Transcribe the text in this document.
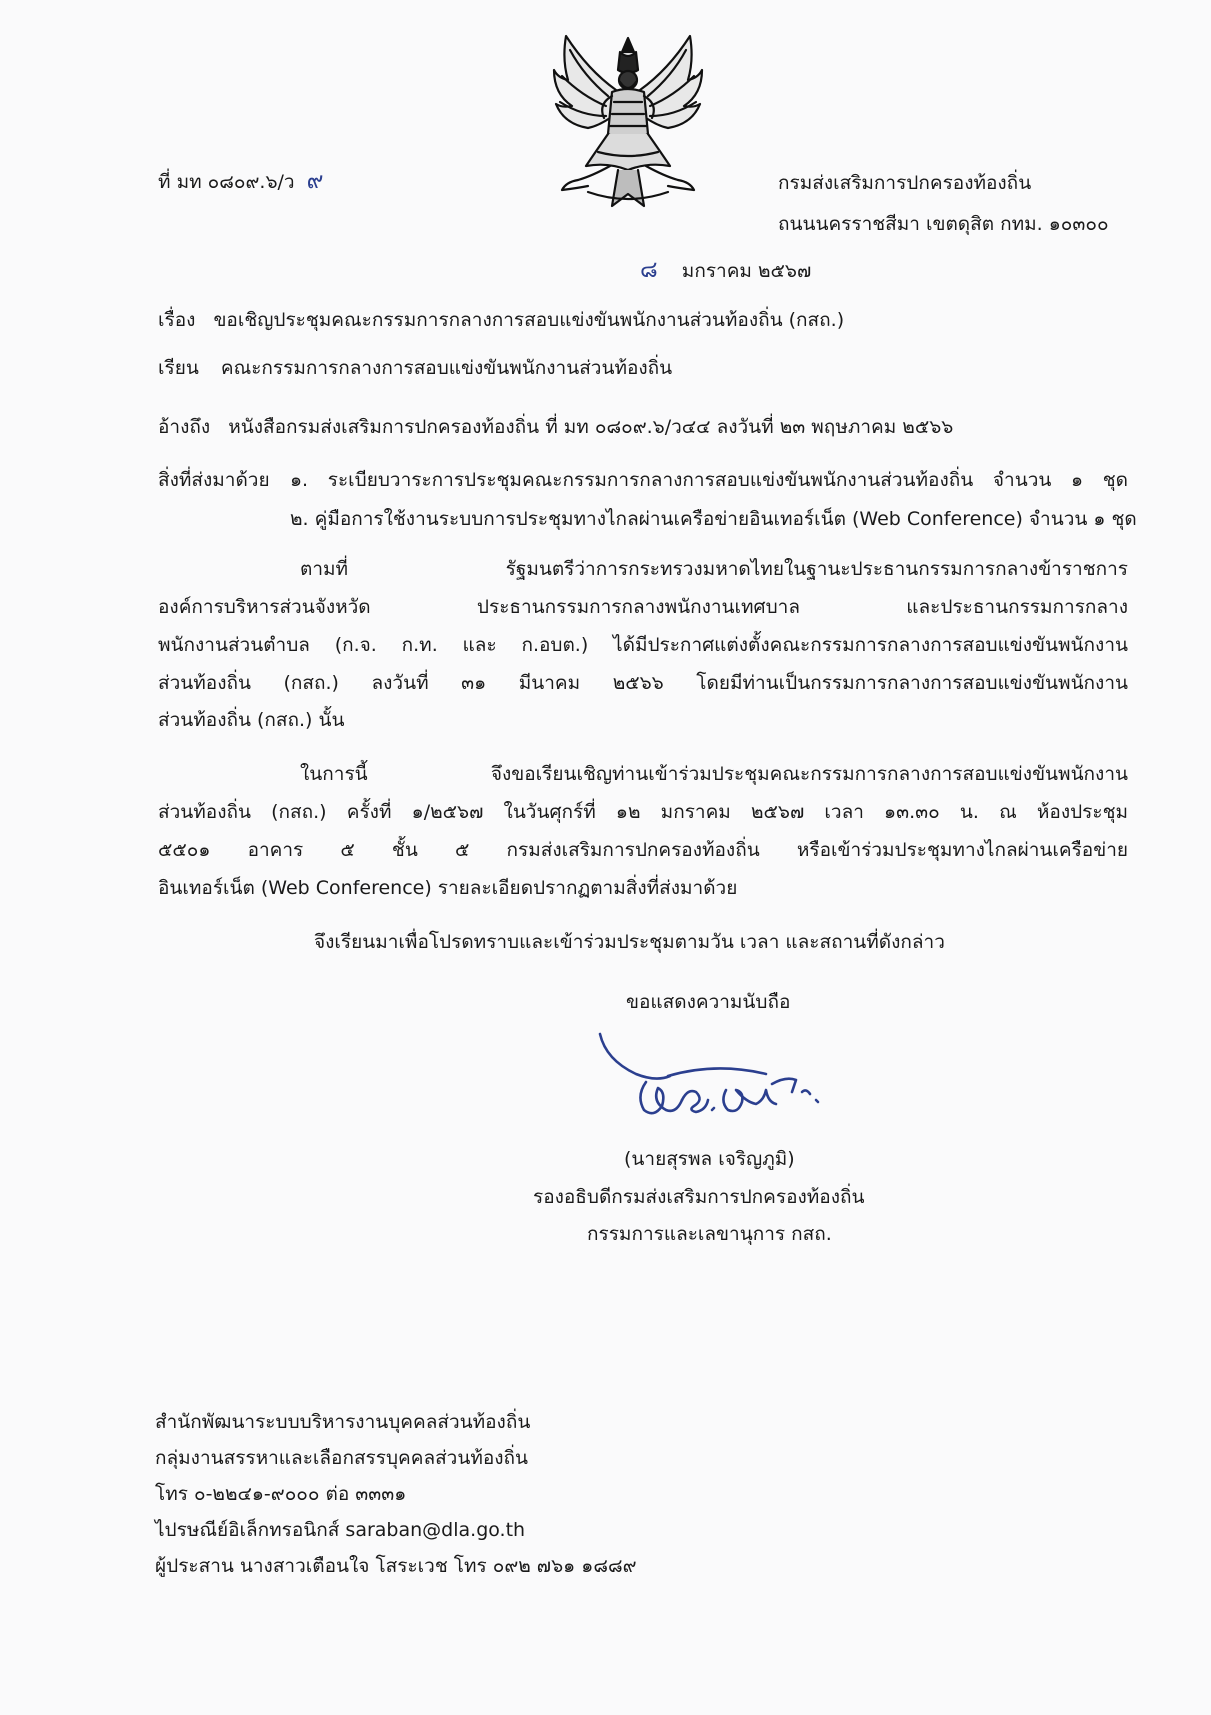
ที่ มท ๐๘๐๙.๖/ว ๙	กรมส่งเสริมการปกครองท้องถิ่น
ถนนนครราชสีมา เขตดุสิต กทม. ๑๐๓๐๐
๘ มกราคม ๒๕๖๗
เรื่อง ขอเชิญประชุมคณะกรรมการกลางการสอบแข่งขันพนักงานส่วนท้องถิ่น (กสถ.)
เรียน คณะกรรมการกลางการสอบแข่งขันพนักงานส่วนท้องถิ่น
อ้างถึง หนังสือกรมส่งเสริมการปกครองท้องถิ่น ที่ มท ๐๘๐๙.๖/ว๔๔ ลงวันที่ ๒๓ พฤษภาคม ๒๕๖๖
สิ่งที่ส่งมาด้วย ๑. ระเบียบวาระการประชุมคณะกรรมการกลางการสอบแข่งขันพนักงานส่วนท้องถิ่น จำนวน ๑ ชุด
๒. คู่มือการใช้งานระบบการประชุมทางไกลผ่านเครือข่ายอินเทอร์เน็ต (Web Conference) จำนวน ๑ ชุด
ตามที่ รัฐมนตรีว่าการกระทรวงมหาดไทยในฐานะประธานกรรมการกลางข้าราชการ
องค์การบริหารส่วนจังหวัด ประธานกรรมการกลางพนักงานเทศบาล และประธานกรรมการกลาง
พนักงานส่วนตำบล (ก.จ. ก.ท. และ ก.อบต.) ได้มีประกาศแต่งตั้งคณะกรรมการกลางการสอบแข่งขันพนักงาน
ส่วนท้องถิ่น (กสถ.) ลงวันที่ ๓๑ มีนาคม ๒๕๖๖ โดยมีท่านเป็นกรรมการกลางการสอบแข่งขันพนักงาน
ส่วนท้องถิ่น (กสถ.) นั้น
ในการนี้ จึงขอเรียนเชิญท่านเข้าร่วมประชุมคณะกรรมการกลางการสอบแข่งขันพนักงาน
ส่วนท้องถิ่น (กสถ.) ครั้งที่ ๑/๒๕๖๗ ในวันศุกร์ที่ ๑๒ มกราคม ๒๕๖๗ เวลา ๑๓.๓๐ น. ณ ห้องประชุม
๕๕๐๑ อาคาร ๕ ชั้น ๕ กรมส่งเสริมการปกครองท้องถิ่น หรือเข้าร่วมประชุมทางไกลผ่านเครือข่าย
อินเทอร์เน็ต (Web Conference) รายละเอียดปรากฏตามสิ่งที่ส่งมาด้วย
จึงเรียนมาเพื่อโปรดทราบและเข้าร่วมประชุมตามวัน เวลา และสถานที่ดังกล่าว
ขอแสดงความนับถือ
(นายสุรพล เจริญภูมิ)
รองอธิบดีกรมส่งเสริมการปกครองท้องถิ่น
กรรมการและเลขานุการ กสถ.
สำนักพัฒนาระบบบริหารงานบุคคลส่วนท้องถิ่น
กลุ่มงานสรรหาและเลือกสรรบุคคลส่วนท้องถิ่น
โทร ๐-๒๒๔๑-๙๐๐๐ ต่อ ๓๓๓๑
ไปรษณีย์อิเล็กทรอนิกส์ saraban@dla.go.th
ผู้ประสาน นางสาวเตือนใจ โสระเวช โทร ๐๙๒ ๗๖๑ ๑๘๘๙
